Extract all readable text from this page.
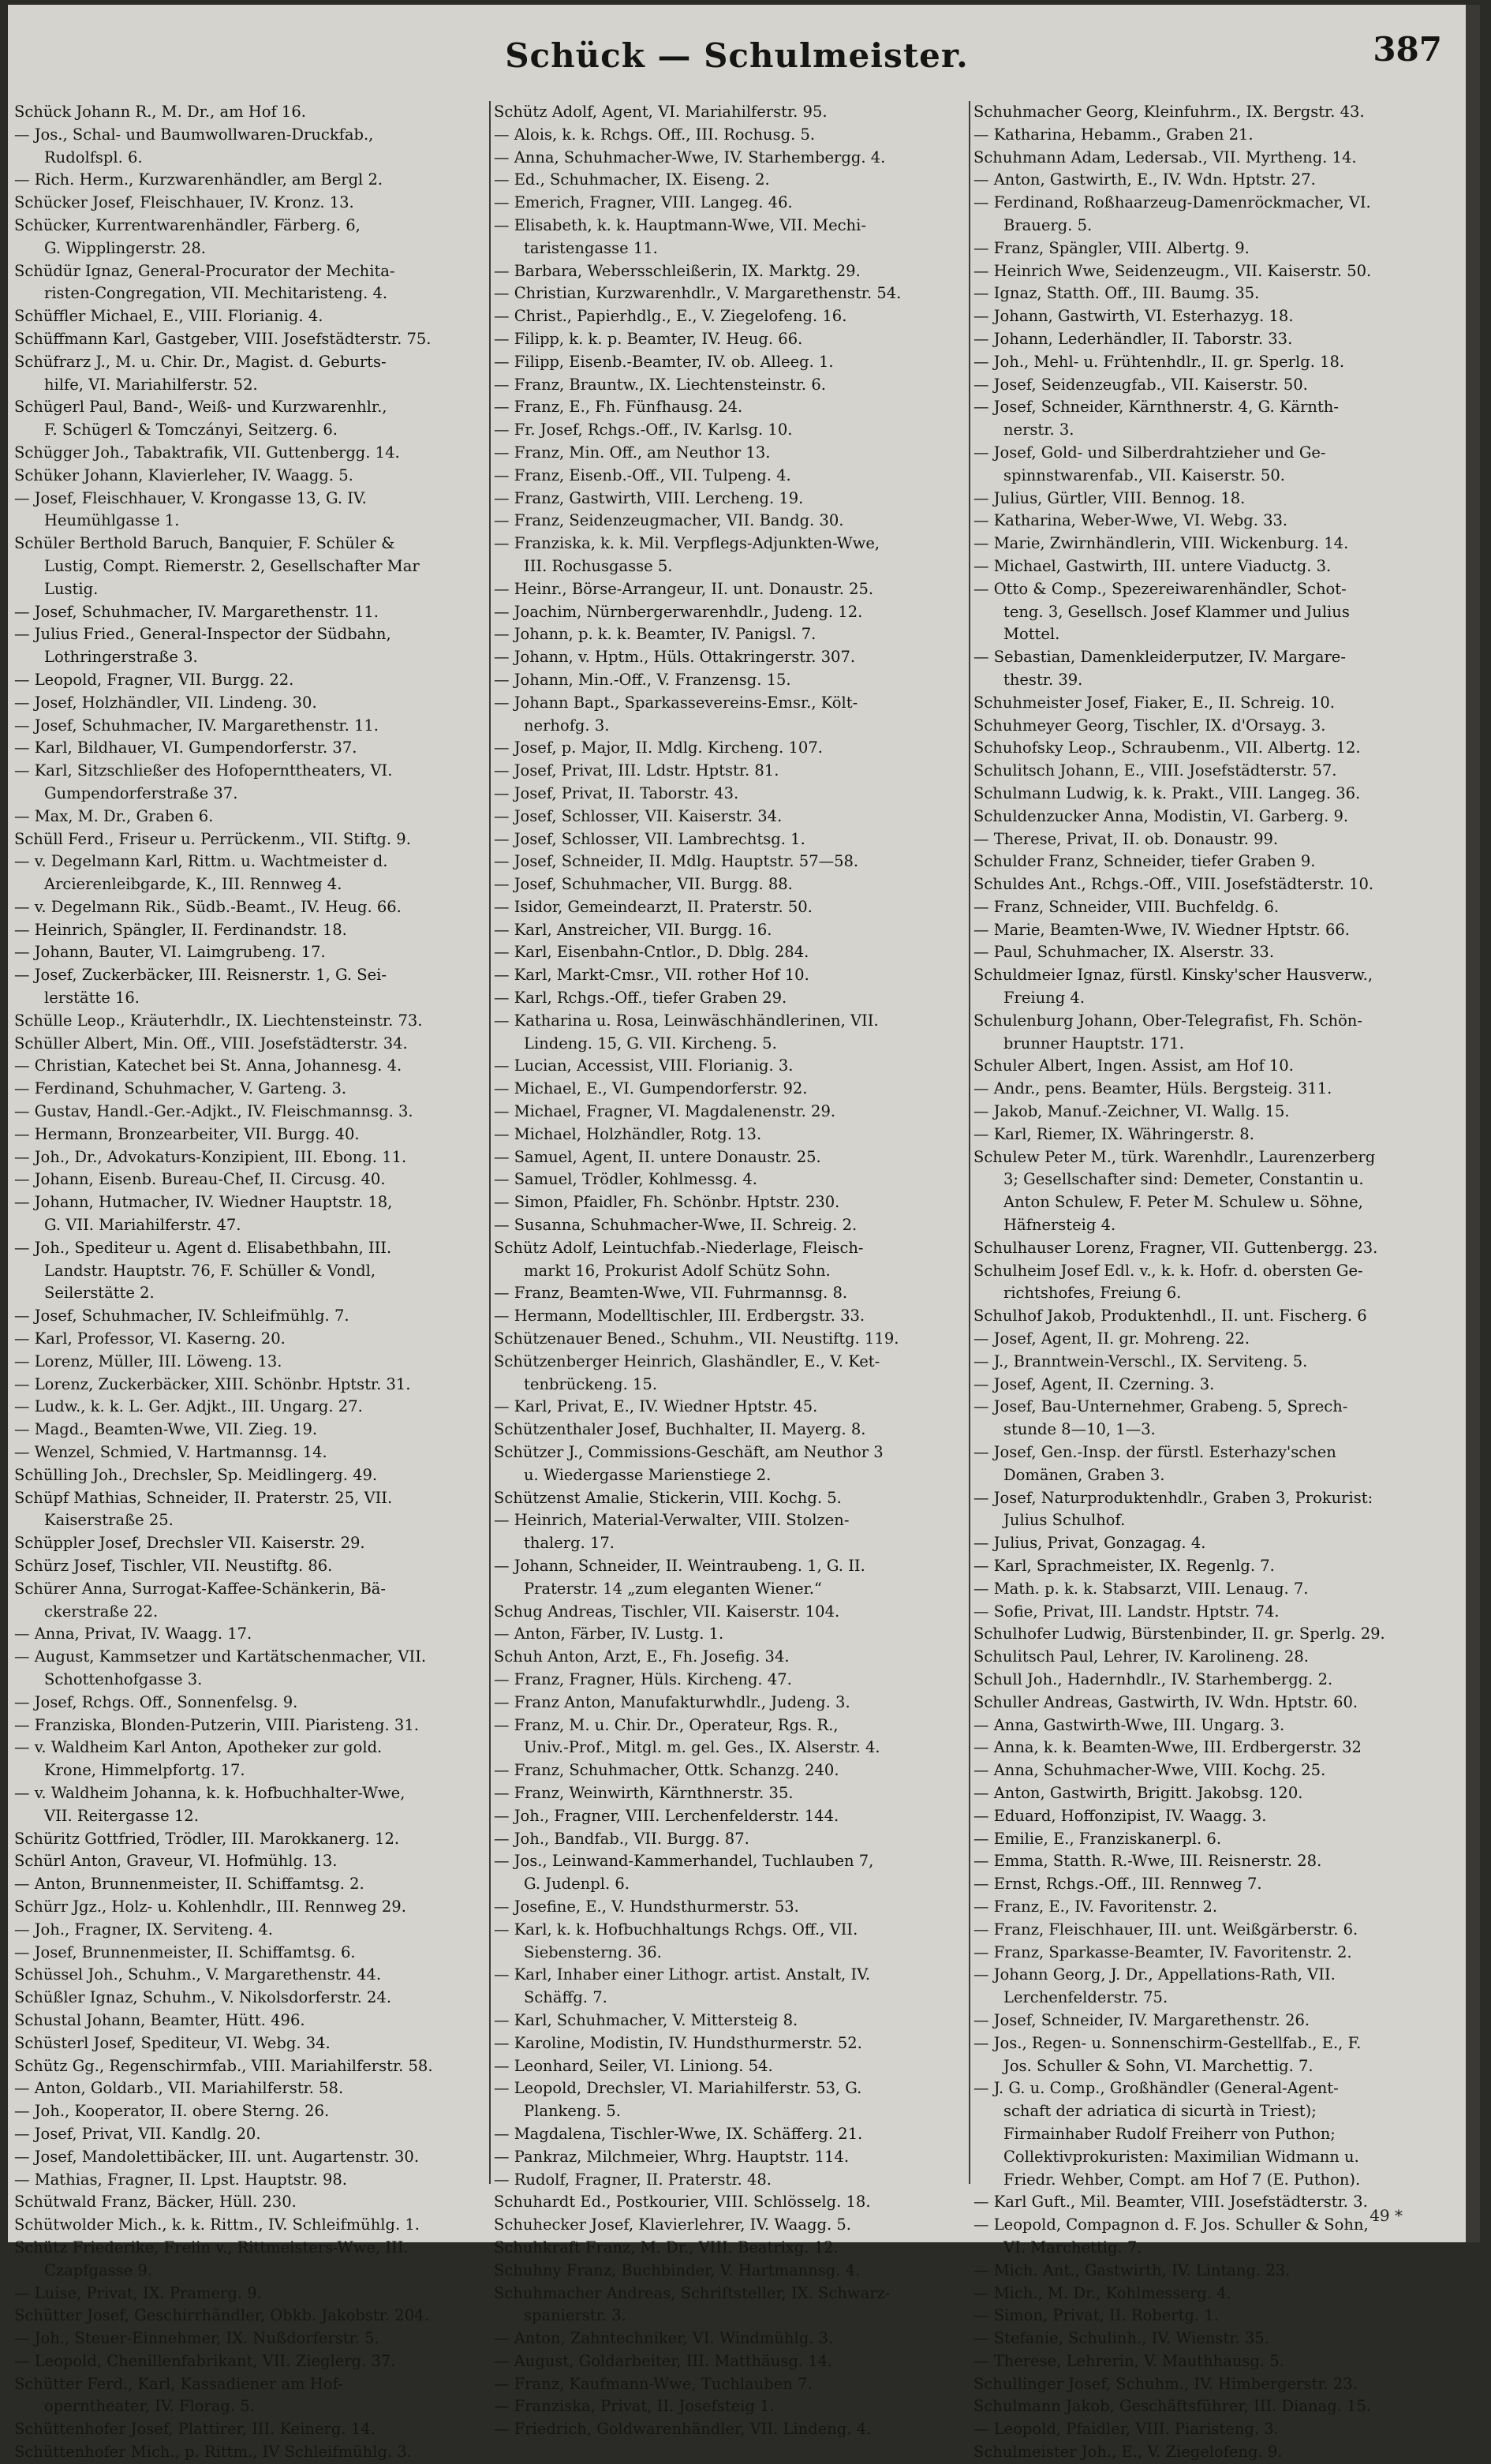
Schück — Schulmeister.	387
Schück Johann R., M. Dr., am Hof 16.
— Jos., Schal- und Baumwollwaren-Druckfab.,
Rudolfspl. 6.
— Rich. Herm., Kurzwarenhändler, am Bergl 2.
Schücker Josef, Fleischhauer, IV. Kronz. 13.
Schücker, Kurrentwarenhändler, Färberg. 6,
G. Wipplingerstr. 28.
Schüdür Ignaz, General-Procurator der Mechita-
risten-Congregation, VII. Mechitaristeng. 4.
Schüffler Michael, E., VIII. Florianig. 4.
Schüffmann Karl, Gastgeber, VIII. Josefstädterstr. 75.
Schüfrarz J., M. u. Chir. Dr., Magist. d. Geburts-
hilfe, VI. Mariahilferstr. 52.
Schügerl Paul, Band-, Weiß- und Kurzwarenhlr.,
F. Schügerl & Tomczányi, Seitzerg. 6.
Schügger Joh., Tabaktrafik, VII. Guttenbergg. 14.
Schüker Johann, Klavierleher, IV. Waagg. 5.
— Josef, Fleischhauer, V. Krongasse 13, G. IV.
Heumühlgasse 1.
Schüler Berthold Baruch, Banquier, F. Schüler &
Lustig, Compt. Riemerstr. 2, Gesellschafter Mar
Lustig.
— Josef, Schuhmacher, IV. Margarethenstr. 11.
— Julius Fried., General-Inspector der Südbahn,
Lothringerstraße 3.
— Leopold, Fragner, VII. Burgg. 22.
— Josef, Holzhändler, VII. Lindeng. 30.
— Josef, Schuhmacher, IV. Margarethenstr. 11.
— Karl, Bildhauer, VI. Gumpendorferstr. 37.
— Karl, Sitzschließer des Hofopernttheaters, VI.
Gumpendorferstraße 37.
— Max, M. Dr., Graben 6.
Schüll Ferd., Friseur u. Perrückenm., VII. Stiftg. 9.
— v. Degelmann Karl, Rittm. u. Wachtmeister d.
Arcierenleibgarde, K., III. Rennweg 4.
— v. Degelmann Rik., Südb.-Beamt., IV. Heug. 66.
— Heinrich, Spängler, II. Ferdinandstr. 18.
— Johann, Bauter, VI. Laimgrubeng. 17.
— Josef, Zuckerbäcker, III. Reisnerstr. 1, G. Sei-
lerstätte 16.
Schülle Leop., Kräuterhdlr., IX. Liechtensteinstr. 73.
Schüller Albert, Min. Off., VIII. Josefstädterstr. 34.
— Christian, Katechet bei St. Anna, Johannesg. 4.
— Ferdinand, Schuhmacher, V. Garteng. 3.
— Gustav, Handl.-Ger.-Adjkt., IV. Fleischmannsg. 3.
— Hermann, Bronzearbeiter, VII. Burgg. 40.
— Joh., Dr., Advokaturs-Konzipient, III. Ebong. 11.
— Johann, Eisenb. Bureau-Chef, II. Circusg. 40.
— Johann, Hutmacher, IV. Wiedner Hauptstr. 18,
G. VII. Mariahilferstr. 47.
— Joh., Spediteur u. Agent d. Elisabethbahn, III.
Landstr. Hauptstr. 76, F. Schüller & Vondl,
Seilerstätte 2.
— Josef, Schuhmacher, IV. Schleifmühlg. 7.
— Karl, Professor, VI. Kaserng. 20.
— Lorenz, Müller, III. Löweng. 13.
— Lorenz, Zuckerbäcker, XIII. Schönbr. Hptstr. 31.
— Ludw., k. k. L. Ger. Adjkt., III. Ungarg. 27.
— Magd., Beamten-Wwe, VII. Zieg. 19.
— Wenzel, Schmied, V. Hartmannsg. 14.
Schülling Joh., Drechsler, Sp. Meidlingerg. 49.
Schüpf Mathias, Schneider, II. Praterstr. 25, VII.
Kaiserstraße 25.
Schüppler Josef, Drechsler VII. Kaiserstr. 29.
Schürz Josef, Tischler, VII. Neustiftg. 86.
Schürer Anna, Surrogat-Kaffee-Schänkerin, Bä-
ckerstraße 22.
— Anna, Privat, IV. Waagg. 17.
— August, Kammsetzer und Kartätschenmacher, VII.
Schottenhofgasse 3.
— Josef, Rchgs. Off., Sonnenfelsg. 9.
— Franziska, Blonden-Putzerin, VIII. Piaristeng. 31.
— v. Waldheim Karl Anton, Apotheker zur gold.
Krone, Himmelpfortg. 17.
— v. Waldheim Johanna, k. k. Hofbuchhalter-Wwe,
VII. Reitergasse 12.
Schüritz Gottfried, Trödler, III. Marokkanerg. 12.
Schürl Anton, Graveur, VI. Hofmühlg. 13.
— Anton, Brunnenmeister, II. Schiffamtsg. 2.
Schürr Jgz., Holz- u. Kohlenhdlr., III. Rennweg 29.
— Joh., Fragner, IX. Serviteng. 4.
— Josef, Brunnenmeister, II. Schiffamtsg. 6.
Schüssel Joh., Schuhm., V. Margarethenstr. 44.
Schüßler Ignaz, Schuhm., V. Nikolsdorferstr. 24.
Schustal Johann, Beamter, Hütt. 496.
Schüsterl Josef, Spediteur, VI. Webg. 34.
Schütz Gg., Regenschirmfab., VIII. Mariahilferstr. 58.
— Anton, Goldarb., VII. Mariahilferstr. 58.
— Joh., Kooperator, II. obere Sterng. 26.
— Josef, Privat, VII. Kandlg. 20.
— Josef, Mandolettibäcker, III. unt. Augartenstr. 30.
— Mathias, Fragner, II. Lpst. Hauptstr. 98.
Schütwald Franz, Bäcker, Hüll. 230.
Schütwolder Mich., k. k. Rittm., IV. Schleifmühlg. 1.
Schütz Friederike, Freiin v., Rittmeisters-Wwe, III.
Czapfgasse 9.
— Luise, Privat, IX. Pramerg. 9.
Schütter Josef, Geschirrhändler, Obkb. Jakobstr. 204.
— Joh., Steuer-Einnehmer, IX. Nußdorferstr. 5.
— Leopold, Chenillenfabrikant, VII. Zieglerg. 37.
Schütter Ferd., Karl, Kassadiener am Hof-
operntheater, IV. Florag. 5.
Schüttenhofer Josef, Plattirer, III. Keinerg. 14.
Schüttenhofer Mich., p. Rittm., IV Schleifmühlg. 3.
Schütz Adolf, Agent, VI. Mariahilferstr. 95.
— Alois, k. k. Rchgs. Off., III. Rochusg. 5.
— Anna, Schuhmacher-Wwe, IV. Starhembergg. 4.
— Ed., Schuhmacher, IX. Eiseng. 2.
— Emerich, Fragner, VIII. Langeg. 46.
— Elisabeth, k. k. Hauptmann-Wwe, VII. Mechi-
taristengasse 11.
— Barbara, Webersschleißerin, IX. Marktg. 29.
— Christian, Kurzwarenhdlr., V. Margarethenstr. 54.
— Christ., Papierhdlg., E., V. Ziegelofeng. 16.
— Filipp, k. k. p. Beamter, IV. Heug. 66.
— Filipp, Eisenb.-Beamter, IV. ob. Alleeg. 1.
— Franz, Brauntw., IX. Liechtensteinstr. 6.
— Franz, E., Fh. Fünfhausg. 24.
— Fr. Josef, Rchgs.-Off., IV. Karlsg. 10.
— Franz, Min. Off., am Neuthor 13.
— Franz, Eisenb.-Off., VII. Tulpeng. 4.
— Franz, Gastwirth, VIII. Lercheng. 19.
— Franz, Seidenzeugmacher, VII. Bandg. 30.
— Franziska, k. k. Mil. Verpflegs-Adjunkten-Wwe,
III. Rochusgasse 5.
— Heinr., Börse-Arrangeur, II. unt. Donaustr. 25.
— Joachim, Nürnbergerwarenhdlr., Judeng. 12.
— Johann, p. k. k. Beamter, IV. Panigsl. 7.
— Johann, v. Hptm., Hüls. Ottakringerstr. 307.
— Johann, Min.-Off., V. Franzensg. 15.
— Johann Bapt., Sparkassevereins-Emsr., Költ-
nerhofg. 3.
— Josef, p. Major, II. Mdlg. Kircheng. 107.
— Josef, Privat, III. Ldstr. Hptstr. 81.
— Josef, Privat, II. Taborstr. 43.
— Josef, Schlosser, VII. Kaiserstr. 34.
— Josef, Schlosser, VII. Lambrechtsg. 1.
— Josef, Schneider, II. Mdlg. Hauptstr. 57—58.
— Josef, Schuhmacher, VII. Burgg. 88.
— Isidor, Gemeindearzt, II. Praterstr. 50.
— Karl, Anstreicher, VII. Burgg. 16.
— Karl, Eisenbahn-Cntlor., D. Dblg. 284.
— Karl, Markt-Cmsr., VII. rother Hof 10.
— Karl, Rchgs.-Off., tiefer Graben 29.
— Katharina u. Rosa, Leinwäschhändlerinen, VII.
Lindeng. 15, G. VII. Kircheng. 5.
— Lucian, Accessist, VIII. Florianig. 3.
— Michael, E., VI. Gumpendorferstr. 92.
— Michael, Fragner, VI. Magdalenenstr. 29.
— Michael, Holzhändler, Rotg. 13.
— Samuel, Agent, II. untere Donaustr. 25.
— Samuel, Trödler, Kohlmessg. 4.
— Simon, Pfaidler, Fh. Schönbr. Hptstr. 230.
— Susanna, Schuhmacher-Wwe, II. Schreig. 2.
Schütz Adolf, Leintuchfab.-Niederlage, Fleisch-
markt 16, Prokurist Adolf Schütz Sohn.
— Franz, Beamten-Wwe, VII. Fuhrmannsg. 8.
— Hermann, Modelltischler, III. Erdbergstr. 33.
Schützenauer Bened., Schuhm., VII. Neustiftg. 119.
Schützenberger Heinrich, Glashändler, E., V. Ket-
tenbrückeng. 15.
— Karl, Privat, E., IV. Wiedner Hptstr. 45.
Schützenthaler Josef, Buchhalter, II. Mayerg. 8.
Schützer J., Commissions-Geschäft, am Neuthor 3
u. Wiedergasse Marienstiege 2.
Schützenst Amalie, Stickerin, VIII. Kochg. 5.
— Heinrich, Material-Verwalter, VIII. Stolzen-
thalerg. 17.
— Johann, Schneider, II. Weintraubeng. 1, G. II.
Praterstr. 14 „zum eleganten Wiener.“
Schug Andreas, Tischler, VII. Kaiserstr. 104.
— Anton, Färber, IV. Lustg. 1.
Schuh Anton, Arzt, E., Fh. Josefig. 34.
— Franz, Fragner, Hüls. Kircheng. 47.
— Franz Anton, Manufakturwhdlr., Judeng. 3.
— Franz, M. u. Chir. Dr., Operateur, Rgs. R.,
Univ.-Prof., Mitgl. m. gel. Ges., IX. Alserstr. 4.
— Franz, Schuhmacher, Ottk. Schanzg. 240.
— Franz, Weinwirth, Kärnthnerstr. 35.
— Joh., Fragner, VIII. Lerchenfelderstr. 144.
— Joh., Bandfab., VII. Burgg. 87.
— Jos., Leinwand-Kammerhandel, Tuchlauben 7,
G. Judenpl. 6.
— Josefine, E., V. Hundsthurmerstr. 53.
— Karl, k. k. Hofbuchhaltungs Rchgs. Off., VII.
Siebensterng. 36.
— Karl, Inhaber einer Lithogr. artist. Anstalt, IV.
Schäffg. 7.
— Karl, Schuhmacher, V. Mittersteig 8.
— Karoline, Modistin, IV. Hundsthurmerstr. 52.
— Leonhard, Seiler, VI. Liniong. 54.
— Leopold, Drechsler, VI. Mariahilferstr. 53, G.
Plankeng. 5.
— Magdalena, Tischler-Wwe, IX. Schäfferg. 21.
— Pankraz, Milchmeier, Whrg. Hauptstr. 114.
— Rudolf, Fragner, II. Praterstr. 48.
Schuhardt Ed., Postkourier, VIII. Schlösselg. 18.
Schuhecker Josef, Klavierlehrer, IV. Waagg. 5.
Schuhkraft Franz, M. Dr., VIII. Beatrixg. 12.
Schuhny Franz, Buchbinder, V. Hartmannsg. 4.
Schuhmacher Andreas, Schriftsteller, IX. Schwarz-
spanierstr. 3.
— Anton, Zahntechniker, VI. Windmühlg. 3.
— August, Goldarbeiter, III. Matthäusg. 14.
— Franz, Kaufmann-Wwe, Tuchlauben 7.
— Franziska, Privat, II. Josefsteig 1.
— Friedrich, Goldwarenhändler, VII. Lindeng. 4.
Schuhmacher Georg, Kleinfuhrm., IX. Bergstr. 43.
— Katharina, Hebamm., Graben 21.
Schuhmann Adam, Ledersab., VII. Myrtheng. 14.
— Anton, Gastwirth, E., IV. Wdn. Hptstr. 27.
— Ferdinand, Roßhaarzeug-Damenröckmacher, VI.
Brauerg. 5.
— Franz, Spängler, VIII. Albertg. 9.
— Heinrich Wwe, Seidenzeugm., VII. Kaiserstr. 50.
— Ignaz, Statth. Off., III. Baumg. 35.
— Johann, Gastwirth, VI. Esterhazyg. 18.
— Johann, Lederhändler, II. Taborstr. 33.
— Joh., Mehl- u. Frühtenhdlr., II. gr. Sperlg. 18.
— Josef, Seidenzeugfab., VII. Kaiserstr. 50.
— Josef, Schneider, Kärnthnerstr. 4, G. Kärnth-
nerstr. 3.
— Josef, Gold- und Silberdrahtzieher und Ge-
spinnstwarenfab., VII. Kaiserstr. 50.
— Julius, Gürtler, VIII. Bennog. 18.
— Katharina, Weber-Wwe, VI. Webg. 33.
— Marie, Zwirnhändlerin, VIII. Wickenburg. 14.
— Michael, Gastwirth, III. untere Viaductg. 3.
— Otto & Comp., Spezereiwarenhändler, Schot-
teng. 3, Gesellsch. Josef Klammer und Julius
Mottel.
— Sebastian, Damenkleiderputzer, IV. Margare-
thestr. 39.
Schuhmeister Josef, Fiaker, E., II. Schreig. 10.
Schuhmeyer Georg, Tischler, IX. d'Orsayg. 3.
Schuhofsky Leop., Schraubenm., VII. Albertg. 12.
Schulitsch Johann, E., VIII. Josefstädterstr. 57.
Schulmann Ludwig, k. k. Prakt., VIII. Langeg. 36.
Schuldenzucker Anna, Modistin, VI. Garberg. 9.
— Therese, Privat, II. ob. Donaustr. 99.
Schulder Franz, Schneider, tiefer Graben 9.
Schuldes Ant., Rchgs.-Off., VIII. Josefstädterstr. 10.
— Franz, Schneider, VIII. Buchfeldg. 6.
— Marie, Beamten-Wwe, IV. Wiedner Hptstr. 66.
— Paul, Schuhmacher, IX. Alserstr. 33.
Schuldmeier Ignaz, fürstl. Kinsky'scher Hausverw.,
Freiung 4.
Schulenburg Johann, Ober-Telegrafist, Fh. Schön-
brunner Hauptstr. 171.
Schuler Albert, Ingen. Assist, am Hof 10.
— Andr., pens. Beamter, Hüls. Bergsteig. 311.
— Jakob, Manuf.-Zeichner, VI. Wallg. 15.
— Karl, Riemer, IX. Währingerstr. 8.
Schulew Peter M., türk. Warenhdlr., Laurenzerberg
3; Gesellschafter sind: Demeter, Constantin u.
Anton Schulew, F. Peter M. Schulew u. Söhne,
Häfnersteig 4.
Schulhauser Lorenz, Fragner, VII. Guttenbergg. 23.
Schulheim Josef Edl. v., k. k. Hofr. d. obersten Ge-
richtshofes, Freiung 6.
Schulhof Jakob, Produktenhdl., II. unt. Fischerg. 6
— Josef, Agent, II. gr. Mohreng. 22.
— J., Branntwein-Verschl., IX. Serviteng. 5.
— Josef, Agent, II. Czerning. 3.
— Josef, Bau-Unternehmer, Grabeng. 5, Sprech-
stunde 8—10, 1—3.
— Josef, Gen.-Insp. der fürstl. Esterhazy'schen
Domänen, Graben 3.
— Josef, Naturproduktenhdlr., Graben 3, Prokurist:
Julius Schulhof.
— Julius, Privat, Gonzagag. 4.
— Karl, Sprachmeister, IX. Regenlg. 7.
— Math. p. k. k. Stabsarzt, VIII. Lenaug. 7.
— Sofie, Privat, III. Landstr. Hptstr. 74.
Schulhofer Ludwig, Bürstenbinder, II. gr. Sperlg. 29.
Schulitsch Paul, Lehrer, IV. Karolineng. 28.
Schull Joh., Hadernhdlr., IV. Starhembergg. 2.
Schuller Andreas, Gastwirth, IV. Wdn. Hptstr. 60.
— Anna, Gastwirth-Wwe, III. Ungarg. 3.
— Anna, k. k. Beamten-Wwe, III. Erdbergerstr. 32
— Anna, Schuhmacher-Wwe, VIII. Kochg. 25.
— Anton, Gastwirth, Brigitt. Jakobsg. 120.
— Eduard, Hoffonzipist, IV. Waagg. 3.
— Emilie, E., Franziskanerpl. 6.
— Emma, Statth. R.-Wwe, III. Reisnerstr. 28.
— Ernst, Rchgs.-Off., III. Rennweg 7.
— Franz, E., IV. Favoritenstr. 2.
— Franz, Fleischhauer, III. unt. Weißgärberstr. 6.
— Franz, Sparkasse-Beamter, IV. Favoritenstr. 2.
— Johann Georg, J. Dr., Appellations-Rath, VII.
Lerchenfelderstr. 75.
— Josef, Schneider, IV. Margarethenstr. 26.
— Jos., Regen- u. Sonnenschirm-Gestellfab., E., F.
Jos. Schuller & Sohn, VI. Marchettig. 7.
— J. G. u. Comp., Großhändler (General-Agent-
schaft der adriatica di sicurtà in Triest);
Firmainhaber Rudolf Freiherr von Puthon;
Collektivprokuristen: Maximilian Widmann u.
Friedr. Wehber, Compt. am Hof 7 (E. Puthon).
— Karl Guft., Mil. Beamter, VIII. Josefstädterstr. 3.
— Leopold, Compagnon d. F. Jos. Schuller & Sohn,
VI. Marchettig. 7.
— Mich. Ant., Gastwirth, IV. Lintang. 23.
— Mich., M. Dr., Kohlmesserg. 4.
— Simon, Privat, II. Robertg. 1.
— Stefanie, Schulinh., IV. Wienstr. 35.
— Therese, Lehrerin, V. Mauthhausg. 5.
Schullinger Josef, Schuhm., IV. Himbergerstr. 23.
Schulmann Jakob, Geschäftsführer, III. Dianag. 15.
— Leopold, Pfaidler, VIII. Piaristeng. 3.
Schulmeister Joh., E., V. Ziegelofeng. 9.
49 *
